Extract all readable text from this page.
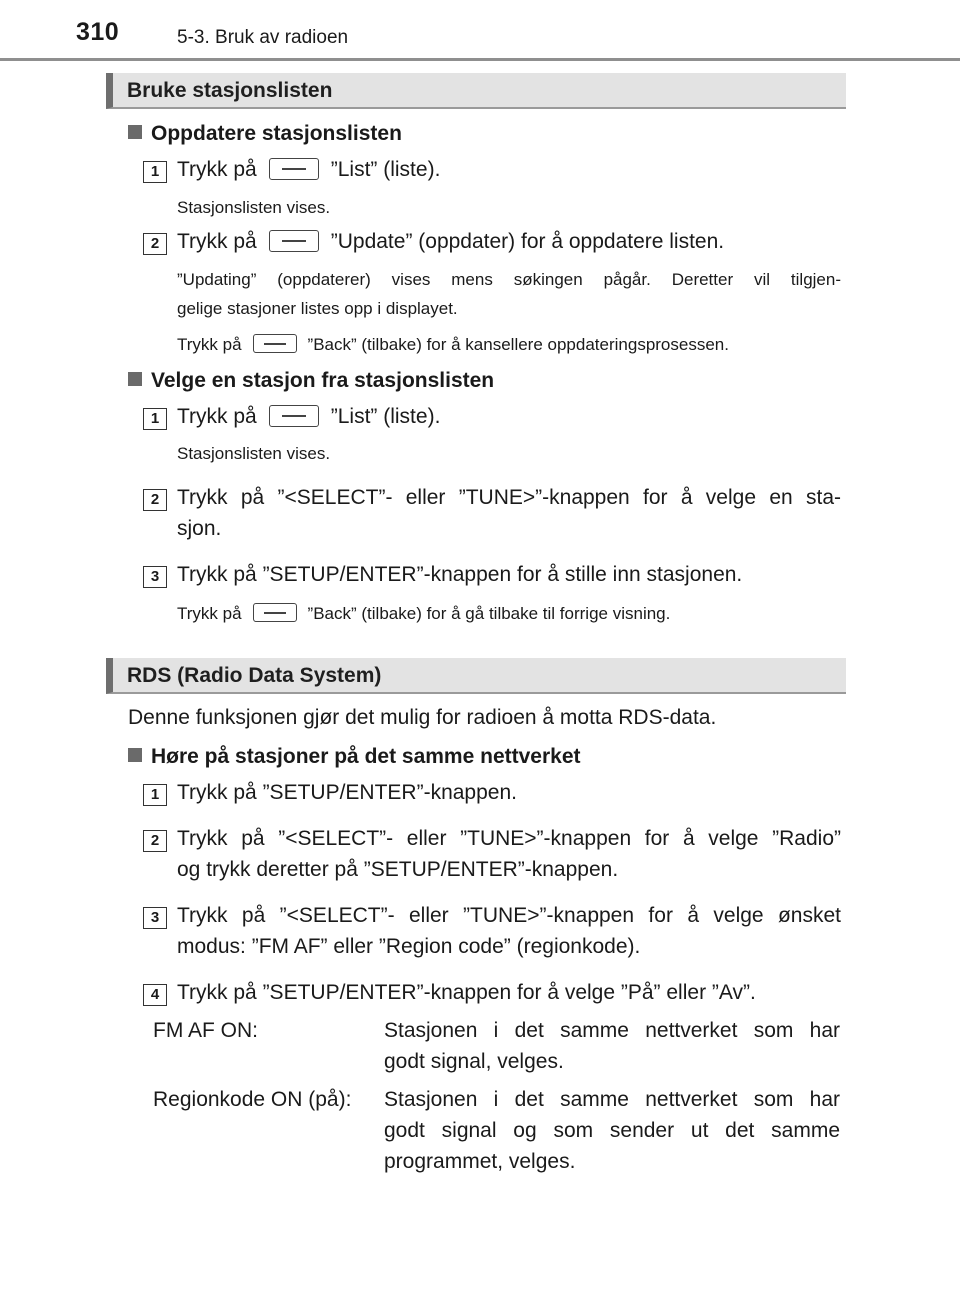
310	5-3. Bruk av radioen
Bruke stasjonslisten
Oppdatere stasjonslisten
1 Trykk på	”List” (liste).
Stasjonslisten vises.
2 Trykk på	”Update” (oppdater) for å oppdatere listen.
”Updating” (oppdaterer) vises mens søkingen pågår. Deretter vil tilgjen-
gelige stasjoner listes opp i displayet.
Trykk på	”Back” (tilbake) for å kansellere oppdateringsprosessen.
Velge en stasjon fra stasjonslisten
1 Trykk på	”List” (liste).
Stasjonslisten vises.
2 Trykk på ”<SELECT”- eller ”TUNE>”-knappen for å velge en sta-
sjon.
3 Trykk på ”SETUP/ENTER”-knappen for å stille inn stasjonen.
Trykk på	”Back” (tilbake) for å gå tilbake til forrige visning.
RDS (Radio Data System)
Denne funksjonen gjør det mulig for radioen å motta RDS-data.
Høre på stasjoner på det samme nettverket
1 Trykk på ”SETUP/ENTER”-knappen.
2 Trykk på ”<SELECT”- eller ”TUNE>”-knappen for å velge ”Radio”
og trykk deretter på ”SETUP/ENTER”-knappen.
3 Trykk på ”<SELECT”- eller ”TUNE>”-knappen for å velge ønsket
modus: ”FM AF” eller ”Region code” (regionkode).
4 Trykk på ”SETUP/ENTER”-knappen for å velge ”På” eller ”Av”.
FM AF ON:	Stasjonen i det samme nettverket som har
godt signal, velges.
Regionkode ON (på): Stasjonen i det samme nettverket som har
godt signal og som sender ut det samme
programmet, velges.
